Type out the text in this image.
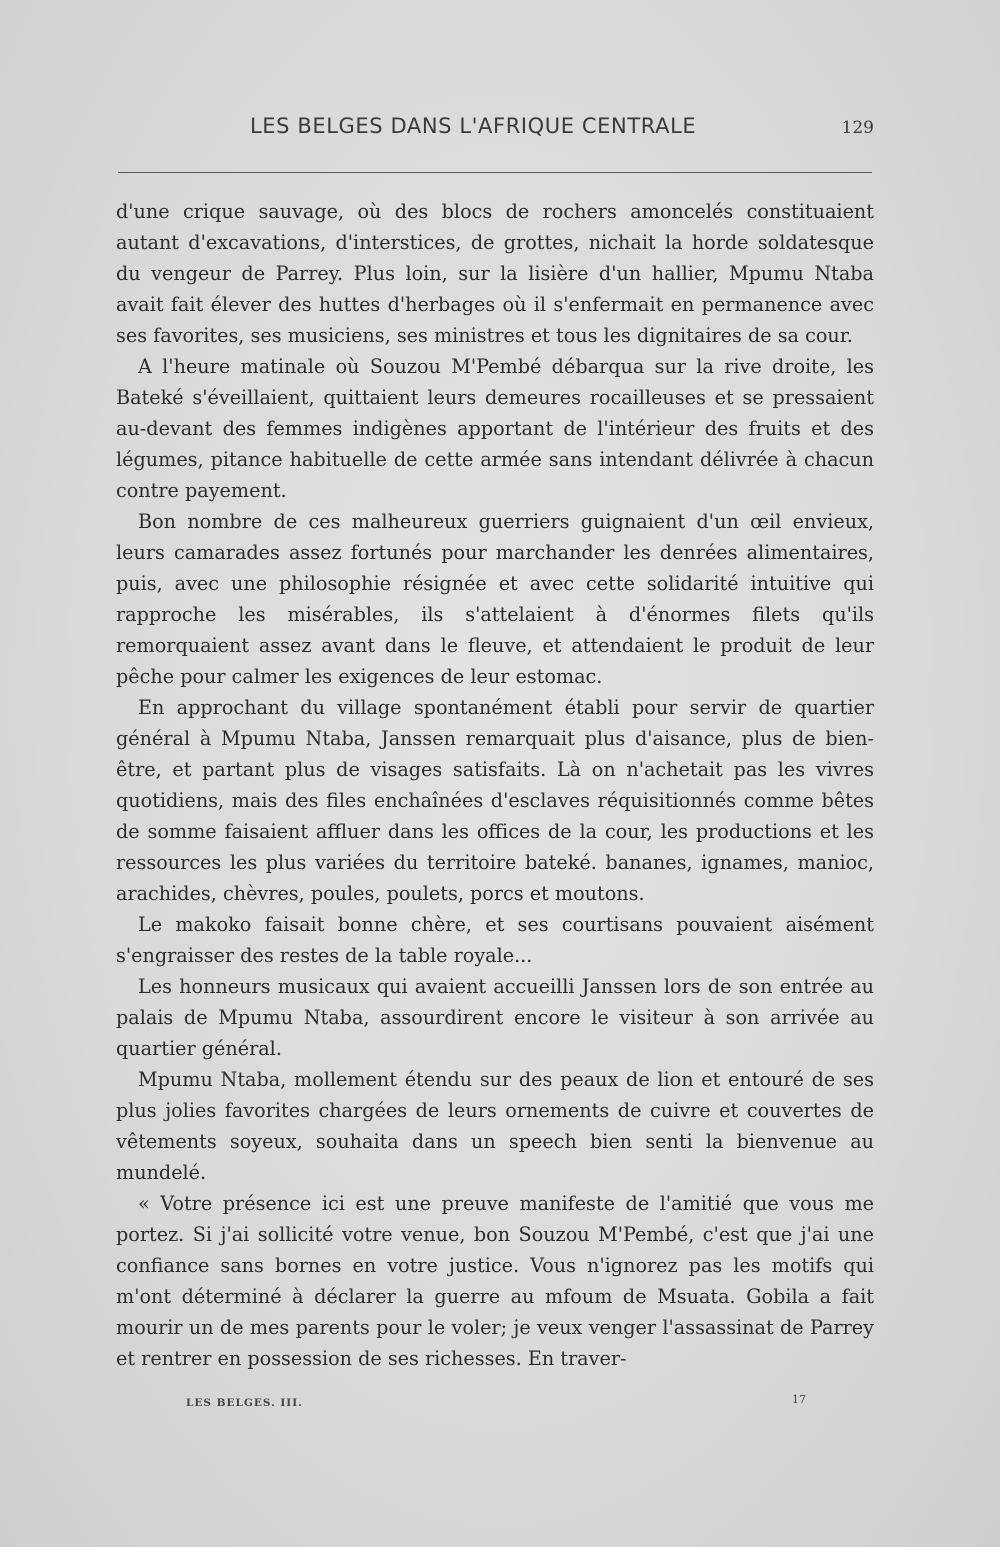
LES BELGES DANS L'AFRIQUE CENTRALE	129

d'une crique sauvage, où des blocs de rochers amoncelés constituaient autant d'excavations, d'interstices, de grottes, nichait la horde soldatesque du vengeur de Parrey. Plus loin, sur la lisière d'un hallier, Mpumu Ntaba avait fait élever des huttes d'herbages où il s'enfermait en permanence avec ses favorites, ses musiciens, ses ministres et tous les dignitaires de sa cour.

A l'heure matinale où Souzou M'Pembé débarqua sur la rive droite, les Bateké s'éveillaient, quittaient leurs demeures rocailleuses et se pressaient au-devant des femmes indigènes apportant de l'intérieur des fruits et des légumes, pitance habituelle de cette armée sans intendant délivrée à chacun contre payement.

Bon nombre de ces malheureux guerriers guignaient d'un œil envieux, leurs camarades assez fortunés pour marchander les denrées alimentaires, puis, avec une philosophie résignée et avec cette solidarité intuitive qui rapproche les misérables, ils s'attelaient à d'énormes filets qu'ils remorquaient assez avant dans le fleuve, et attendaient le produit de leur pêche pour calmer les exigences de leur estomac.

En approchant du village spontanément établi pour servir de quartier général à Mpumu Ntaba, Janssen remarquait plus d'aisance, plus de bien-être, et partant plus de visages satisfaits. Là on n'achetait pas les vivres quotidiens, mais des files enchaînées d'esclaves réquisitionnés comme bêtes de somme faisaient affluer dans les offices de la cour, les productions et les ressources les plus variées du territoire bateké. bananes, ignames, manioc, arachides, chèvres, poules, poulets, porcs et moutons.

Le makoko faisait bonne chère, et ses courtisans pouvaient aisément s'engraisser des restes de la table royale...

Les honneurs musicaux qui avaient accueilli Janssen lors de son entrée au palais de Mpumu Ntaba, assourdirent encore le visiteur à son arrivée au quartier général.

Mpumu Ntaba, mollement étendu sur des peaux de lion et entouré de ses plus jolies favorites chargées de leurs ornements de cuivre et couvertes de vêtements soyeux, souhaita dans un speech bien senti la bienvenue au mundelé.

« Votre présence ici est une preuve manifeste de l'amitié que vous me portez. Si j'ai sollicité votre venue, bon Souzou M'Pembé, c'est que j'ai une confiance sans bornes en votre justice. Vous n'ignorez pas les motifs qui m'ont déterminé à déclarer la guerre au mfoum de Msuata. Gobila a fait mourir un de mes parents pour le voler; je veux venger l'assassinat de Parrey et rentrer en possession de ses richesses. En traver-

LES BELGES. III.	17
